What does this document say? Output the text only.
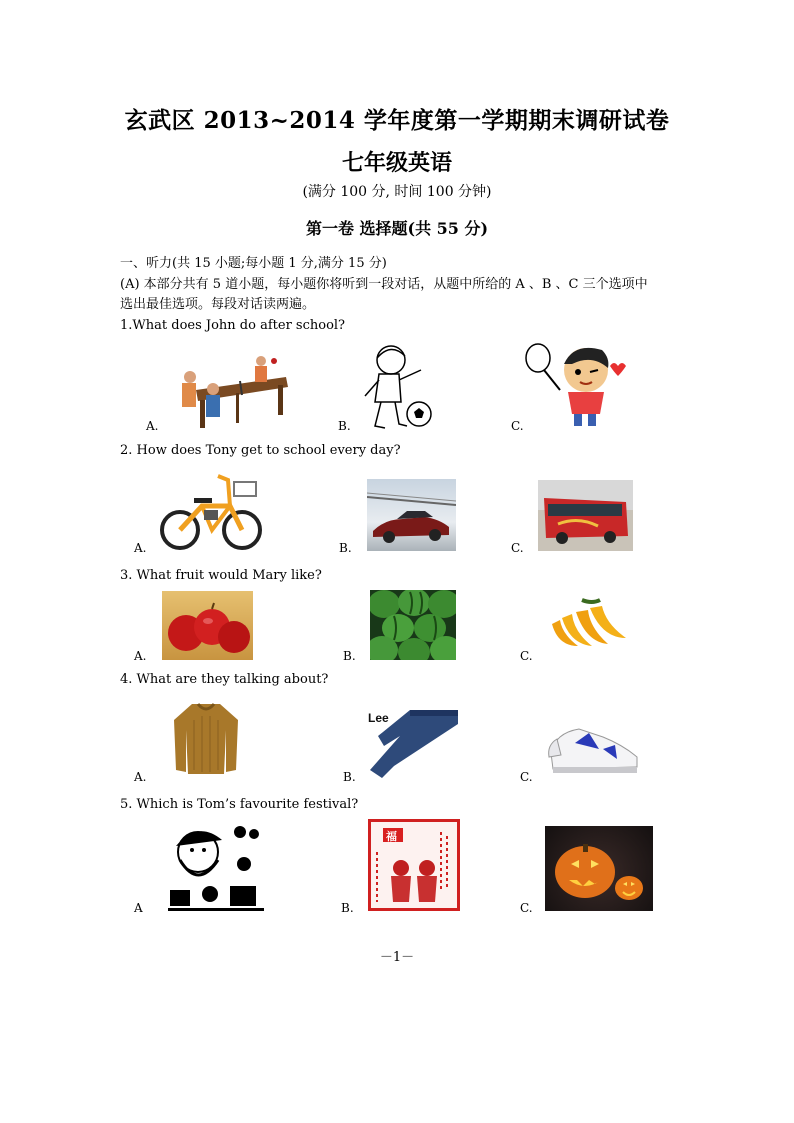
玄武区 2013~2014 学年度第一学期期末调研试卷
七年级英语
(满分 100 分, 时间 100 分钟)
第一卷 选择题(共 55 分)
一、听力(共 15 小题;每小题 1 分,满分 15 分)
(A) 本部分共有 5 道小题，每小题你将听到一段对话，从题中所给的 A 、B 、C 三个选项中
选出最佳选项。每段对话读两遍。
1.What does John do after school?
A.	B.	C.
2. How does Tony get to school every day?
A.	B.	C.
3. What fruit would Mary like?
A.	B.	C.
4. What are they talking about?
A.	B.	C.
Lee
5. Which is Tom’s favourite festival?
A	B.	C.
福
－1－
